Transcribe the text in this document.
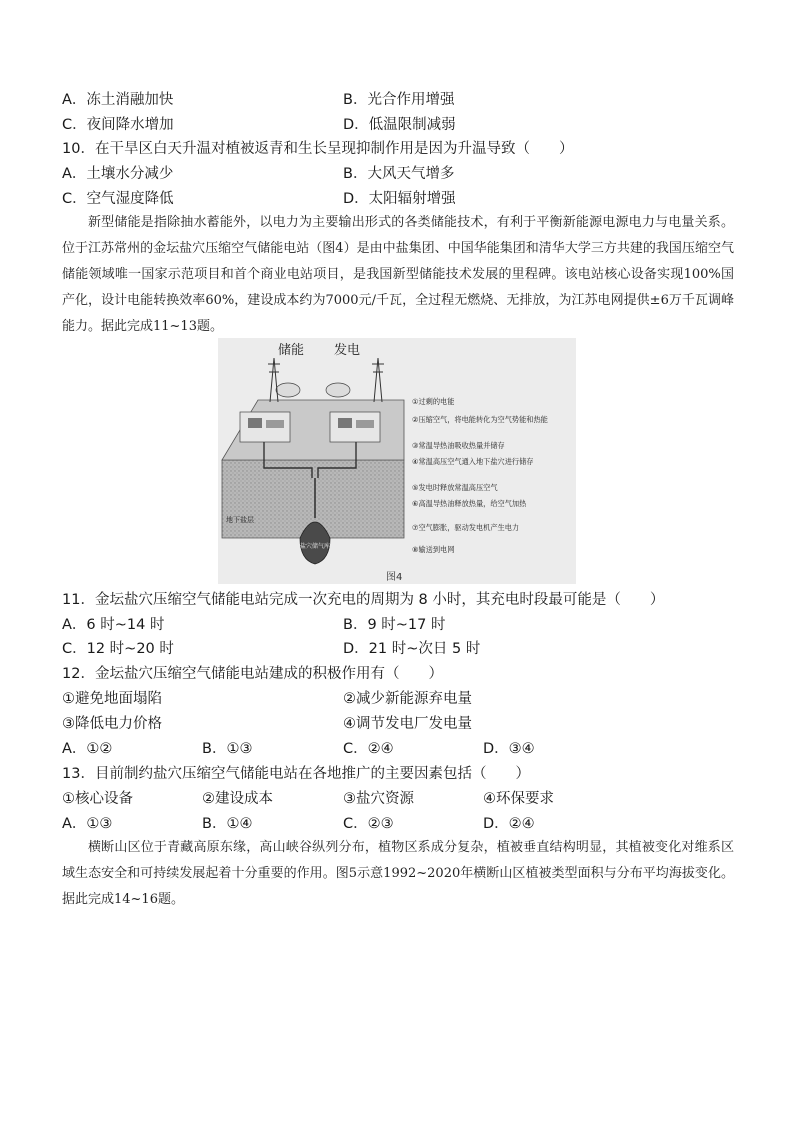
A．冻土消融加快	B．光合作用增强
C．夜间降水增加	D．低温限制减弱
10．在干旱区白天升温对植被返青和生长呈现抑制作用是因为升温导致（　　）
A．土壤水分减少	B．大风天气增多
C．空气湿度降低	D．太阳辐射增强
新型储能是指除抽水蓄能外，以电力为主要输出形式的各类储能技术，有利于平衡新能源电源电力与电量关系。位于江苏常州的金坛盐穴压缩空气储能电站（图4）是由中盐集团、中国华能集团和清华大学三方共建的我国压缩空气储能领域唯一国家示范项目和首个商业电站项目，是我国新型储能技术发展的里程碑。该电站核心设备实现100%国产化，设计电能转换效率60%，建设成本约为7000元/千瓦，全过程无燃烧、无排放，为江苏电网提供±6万千瓦调峰能力。据此完成11~13题。
储能 发电
地下盐层
盐穴储气库
①过剩的电能
②压缩空气，将电能转化为空气势能和热能
③常温导热油吸收热量并储存
④常温高压空气通入地下盐穴进行储存
⑤发电时释放常温高压空气
⑥高温导热油释放热量，给空气加热
⑦空气膨胀，驱动发电机产生电力
⑧输送到电网
图4
11．金坛盐穴压缩空气储能电站完成一次充电的周期为 8 小时，其充电时段最可能是（　　）
A．6 时~14 时	B．9 时~17 时
C．12 时~20 时	D．21 时~次日 5 时
12．金坛盐穴压缩空气储能电站建成的积极作用有（　　）
①避免地面塌陷	②减少新能源弃电量
③降低电力价格	④调节发电厂发电量
A．①②	B．①③	C．②④	D．③④
13．目前制约盐穴压缩空气储能电站在各地推广的主要因素包括（　　）
①核心设备	②建设成本	③盐穴资源	④环保要求
A．①③	B．①④	C．②③	D．②④
横断山区位于青藏高原东缘，高山峡谷纵列分布，植物区系成分复杂，植被垂直结构明显，其植被变化对维系区域生态安全和可持续发展起着十分重要的作用。图5示意1992~2020年横断山区植被类型面积与分布平均海拔变化。据此完成14~16题。
